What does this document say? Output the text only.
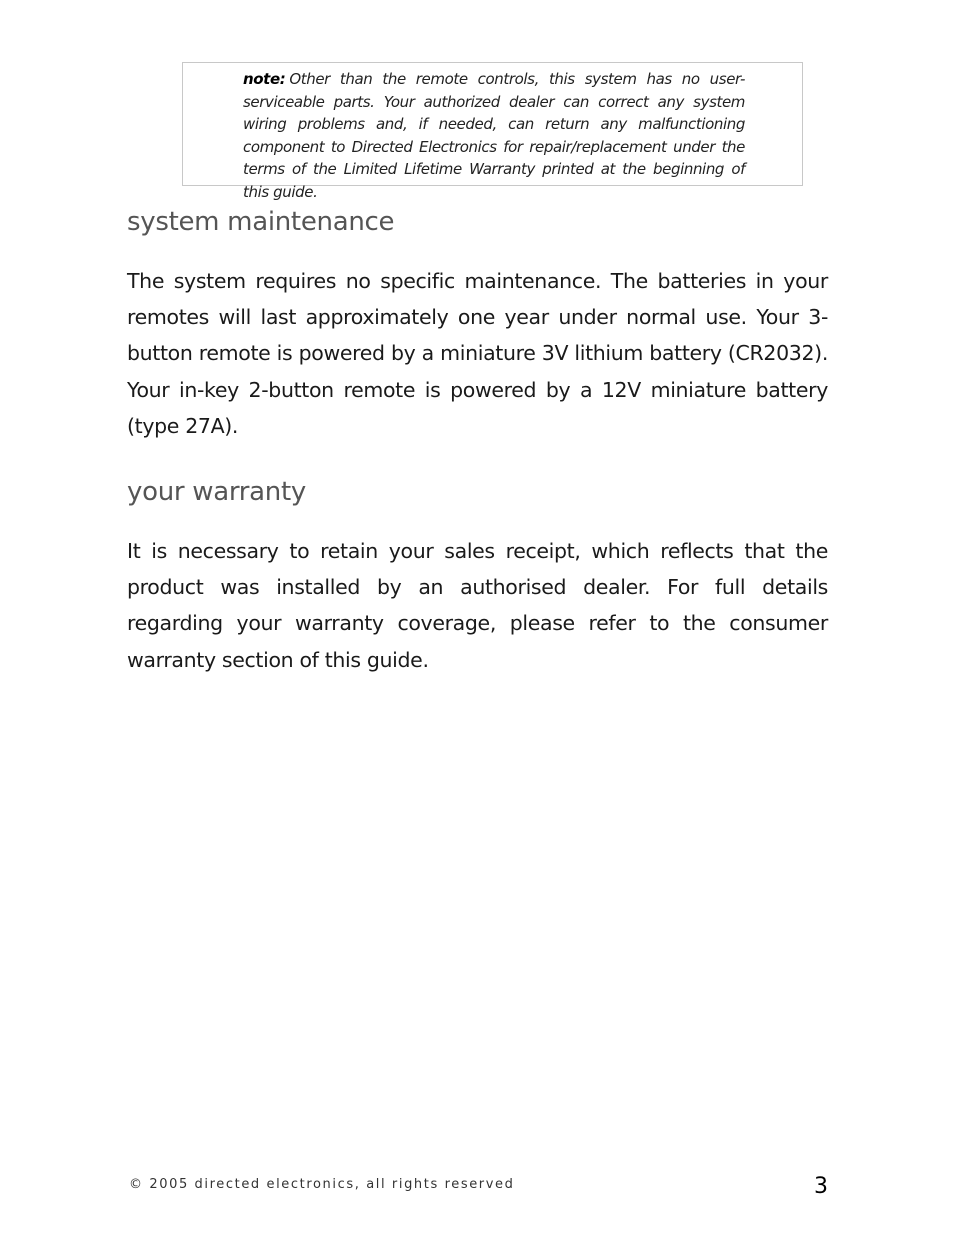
note: Other than the remote controls, this system has no user-serviceable parts. Your authorized dealer can correct any system wiring problems and, if needed, can return any malfunctioning component to Directed Electronics for repair/replacement under the terms of the Limited Lifetime Warranty printed at the beginning of this guide.

system maintenance

The system requires no specific maintenance. The batteries in your remotes will last approximately one year under normal use. Your 3-button remote is powered by a miniature 3V lithium battery (CR2032). Your in-key 2-button remote is powered by a 12V miniature battery (type 27A).

your warranty

It is necessary to retain your sales receipt, which reflects that the product was installed by an authorised dealer. For full details regarding your warranty coverage, please refer to the consumer warranty section of this guide.

© 2005 directed electronics, all rights reserved	3
